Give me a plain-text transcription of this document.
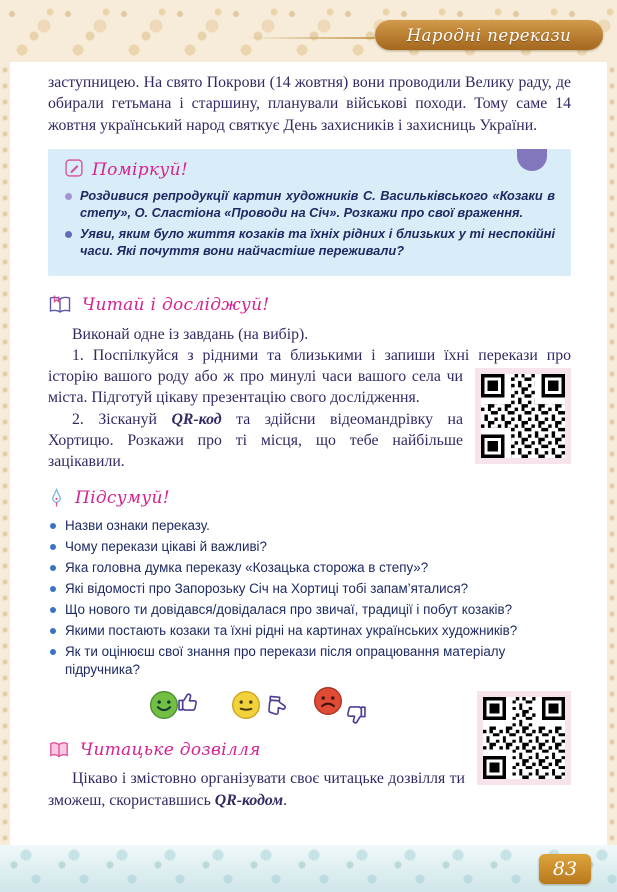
Народні перекази

заступницею. На свято Покрови (14 жовтня) вони проводили Велику раду, де обирали гетьмана і старшину, планували військові походи. Тому саме 14 жовтня український народ святкує День захисників і захисниць України.

Поміркуй!
Роздивися репродукції картин художників С. Васильківського «Козаки в степу», О. Сластіона «Проводи на Січ». Розкажи про свої враження.
Уяви, яким було життя козаків та їхніх рідних і близьких у ті неспокійні часи. Які почуття вони найчастіше переживали?
Читай і досліджуй!

Виконай одне із завдань (на вибір).

1. Поспілкуйся з рідними та близькими і запиши їхні перекази про історію вашого роду або ж про минулі часи вашого села чи
міста. Підготуй цікаву презентацію свого дослідження.

2. Зіскануй QR-код та здійсни відеомандрівку на Хортицю. Розкажи про ті місця, що тебе найбільше зацікавили.

Підсумуй!
Назви ознаки переказу.
Чому перекази цікаві й важливі?
Яка головна думка переказу «Козацька сторожа в степу»?
Які відомості про Запорозьку Січ на Хортиці тобі запам’яталися?
Що нового ти довідався/довідалася про звичаї, традиції і побут козаків?
Якими постають козаки та їхні рідні на картинах українських художників?
Як ти оцінюєш свої знання про перекази після опрацювання матеріалу підручника?

Читацьке дозвілля

Цікаво і змістовно організувати своє читацьке дозвілля ти зможеш, скориставшись QR-кодом.

83
